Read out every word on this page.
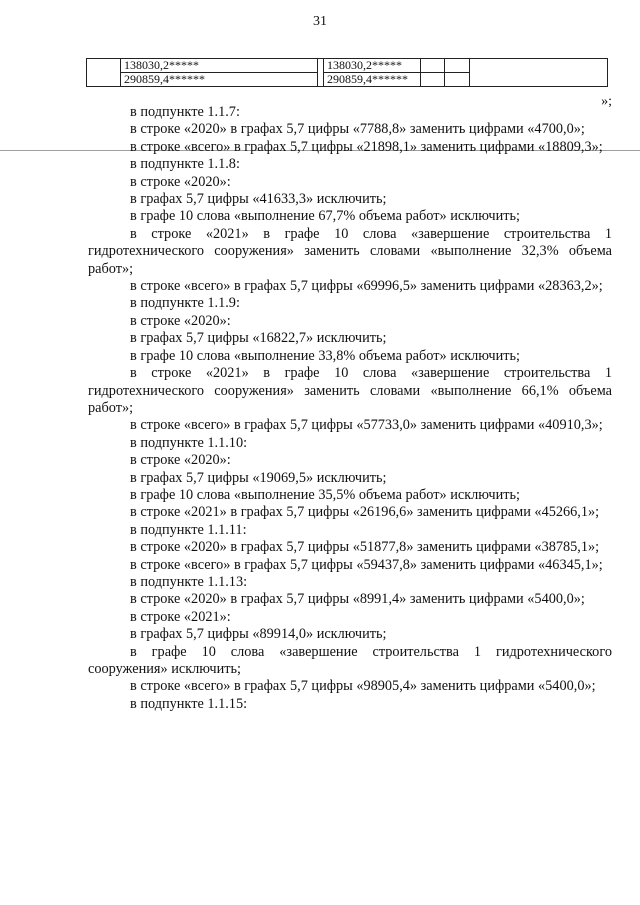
31
	138030,2*****		138030,2*****			
	290859,4******		290859,4******			
»;

в подпункте 1.1.7:

в строке «2020» в графах 5,7 цифры «7788,8» заменить цифрами «4700,0»;

в строке «всего» в графах 5,7 цифры «21898,1» заменить цифрами «18809,3»;

в подпункте 1.1.8:

в строке «2020»:

в графах 5,7 цифры «41633,3» исключить;

в графе 10 слова «выполнение 67,7% объема работ» исключить;

в строке «2021» в графе 10 слова «завершение строительства 1 гидротехнического сооружения» заменить словами «выполнение 32,3% объема работ»;

в строке «всего» в графах 5,7 цифры «69996,5» заменить цифрами «28363,2»;

в подпункте 1.1.9:

в строке «2020»:

в графах 5,7 цифры «16822,7» исключить;

в графе 10 слова «выполнение 33,8% объема работ» исключить;

в строке «2021» в графе 10 слова «завершение строительства 1 гидротехнического сооружения» заменить словами «выполнение 66,1% объема работ»;

в строке «всего» в графах 5,7 цифры «57733,0» заменить цифрами «40910,3»;

в подпункте 1.1.10:

в строке «2020»:

в графах 5,7 цифры «19069,5» исключить;

в графе 10 слова «выполнение 35,5% объема работ» исключить;

в строке «2021» в графах 5,7 цифры «26196,6» заменить цифрами «45266,1»;

в подпункте 1.1.11:

в строке «2020» в графах 5,7 цифры «51877,8» заменить цифрами «38785,1»;

в строке «всего» в графах 5,7 цифры «59437,8» заменить цифрами «46345,1»;

в подпункте 1.1.13:

в строке «2020» в графах 5,7 цифры «8991,4» заменить цифрами «5400,0»;

в строке «2021»:

в графах 5,7 цифры «89914,0» исключить;

в графе 10 слова «завершение строительства 1 гидротехнического сооружения» исключить;

в строке «всего» в графах 5,7 цифры «98905,4» заменить цифрами «5400,0»;

в подпункте 1.1.15:
